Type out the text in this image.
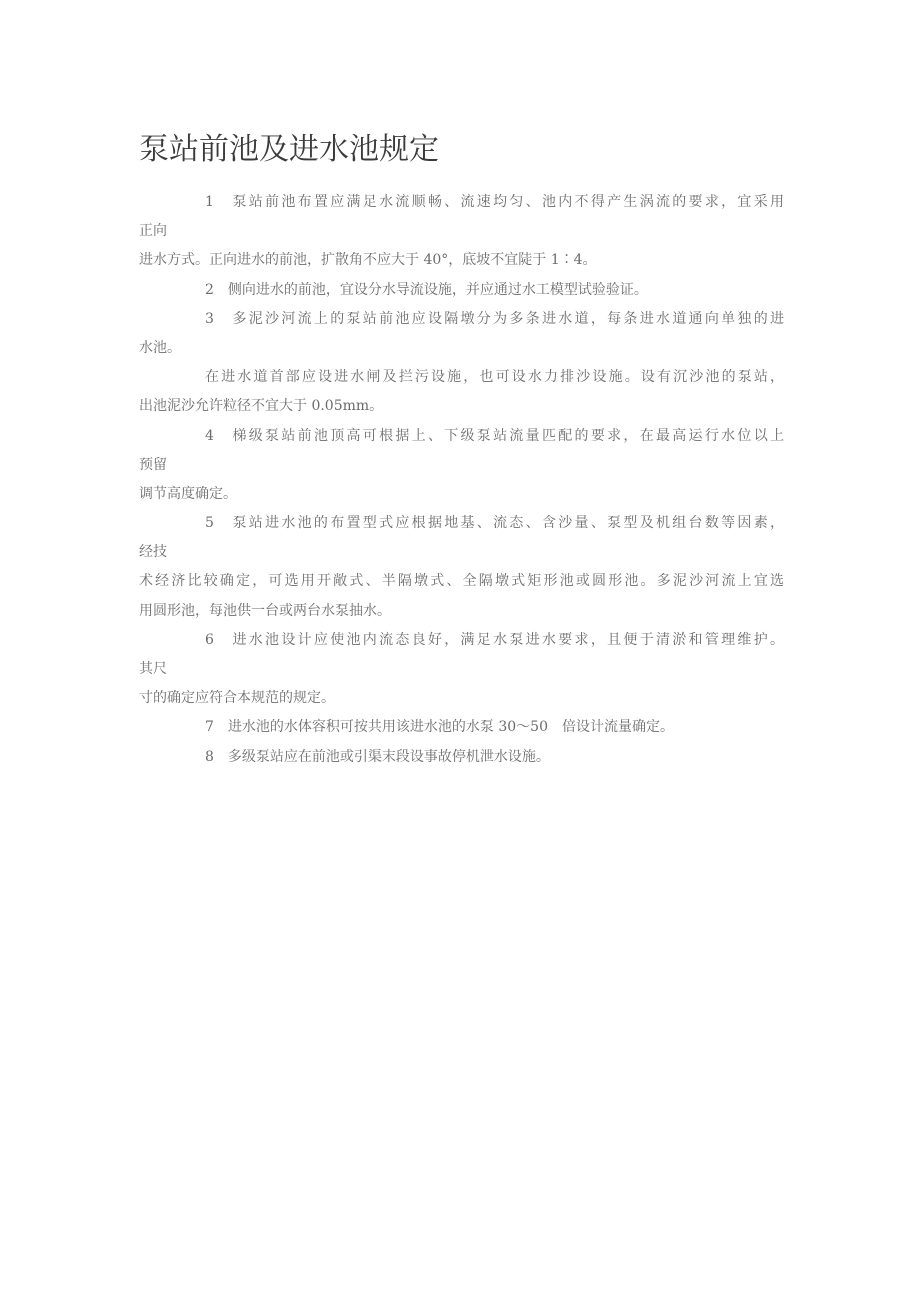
泵站前池及进水池规定
1　泵站前池布置应满足水流顺畅、流速均匀、池内不得产生涡流的要求，宜采用
正向
进水方式。正向进水的前池，扩散角不应大于 40°，底坡不宜陡于 1∶4。
2　侧向进水的前池，宜设分水导流设施，并应通过水工模型试验验证。
3　多泥沙河流上的泵站前池应设隔墩分为多条进水道，每条进水道通向单独的进
水池。
在进水道首部应设进水闸及拦污设施，也可设水力排沙设施。设有沉沙池的泵站，
出池泥沙允许粒径不宜大于 0.05mm。
4　梯级泵站前池顶高可根据上、下级泵站流量匹配的要求，在最高运行水位以上
预留
调节高度确定。
5　泵站进水池的布置型式应根据地基、流态、含沙量、泵型及机组台数等因素，
经技
术经济比较确定，可选用开敞式、半隔墩式、全隔墩式矩形池或圆形池。多泥沙河流上宜选
用圆形池，每池供一台或两台水泵抽水。
6　进水池设计应使池内流态良好，满足水泵进水要求，且便于清淤和管理维护。
其尺
寸的确定应符合本规范的规定。
7　进水池的水体容积可按共用该进水池的水泵 30～50　倍设计流量确定。
8　多级泵站应在前池或引渠末段设事故停机泄水设施。
